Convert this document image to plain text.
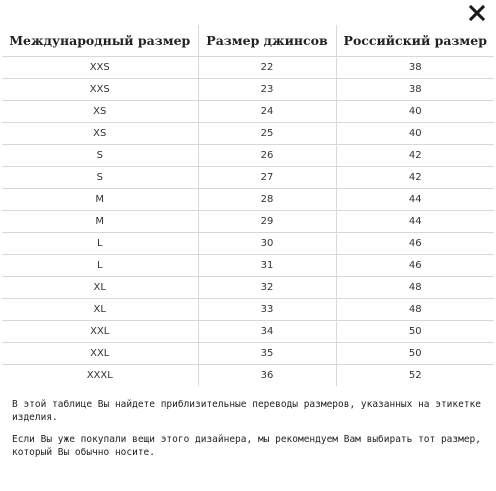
Международный размер	Размер джинсов	Российский размер
XXS	22	38
XXS	23	38
XS	24	40
XS	25	40
S	26	42
S	27	42
M	28	44
M	29	44
L	30	46
L	31	46
XL	32	48
XL	33	48
XXL	34	50
XXL	35	50
XXXL	36	52

В этой таблице Вы найдете приблизительные переводы размеров, указанных на этикетке изделия.

Если Вы уже покупали вещи этого дизайнера, мы рекомендуем Вам выбирать тот размер, который Вы обычно носите.
